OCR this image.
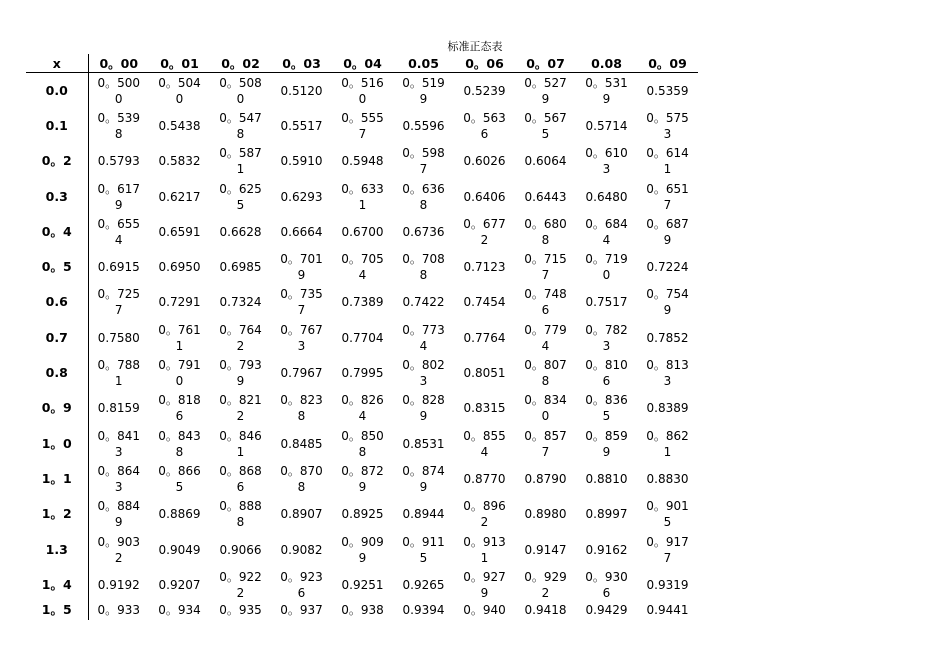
标准正态表
x	0。00	0。01	0。02	0。03	0。04	0.05	0。06	0。07	0.08	0。09
0.0	0。5000	0。5040	0。5080	0.5120	0。5160	0。5199	0.5239	0。5279	0。5319	0.5359
0.1	0。5398	0.5438	0。5478	0.5517	0。5557	0.5596	0。5636	0。5675	0.5714	0。5753
0。2	0.5793	0.5832	0。5871	0.5910	0.5948	0。5987	0.6026	0.6064	0。6103	0。6141
0.3	0。6179	0.6217	0。6255	0.6293	0。6331	0。6368	0.6406	0.6443	0.6480	0。6517
0。4	0。6554	0.6591	0.6628	0.6664	0.6700	0.6736	0。6772	0。6808	0。6844	0。6879
0。5	0.6915	0.6950	0.6985	0。7019	0。7054	0。7088	0.7123	0。7157	0。7190	0.7224
0.6	0。7257	0.7291	0.7324	0。7357	0.7389	0.7422	0.7454	0。7486	0.7517	0。7549
0.7	0.7580	0。7611	0。7642	0。7673	0.7704	0。7734	0.7764	0。7794	0。7823	0.7852
0.8	0。7881	0。7910	0。7939	0.7967	0.7995	0。8023	0.8051	0。8078	0。8106	0。8133
0。9	0.8159	0。8186	0。8212	0。8238	0。8264	0。8289	0.8315	0。8340	0。8365	0.8389
1。0	0。8413	0。8438	0。8461	0.8485	0。8508	0.8531	0。8554	0。8577	0。8599	0。8621
1。1	0。8643	0。8665	0。8686	0。8708	0。8729	0。8749	0.8770	0.8790	0.8810	0.8830
1。2	0。8849	0.8869	0。8888	0.8907	0.8925	0.8944	0。8962	0.8980	0.8997	0。9015
1.3	0。9032	0.9049	0.9066	0.9082	0。9099	0。9115	0。9131	0.9147	0.9162	0。9177
1。4	0.9192	0.9207	0。9222	0。9236	0.9251	0.9265	0。9279	0。9292	0。9306	0.9319
1。5	0。933	0。934	0。935	0。937	0。938	0.9394	0。940	0.9418	0.9429	0.9441
